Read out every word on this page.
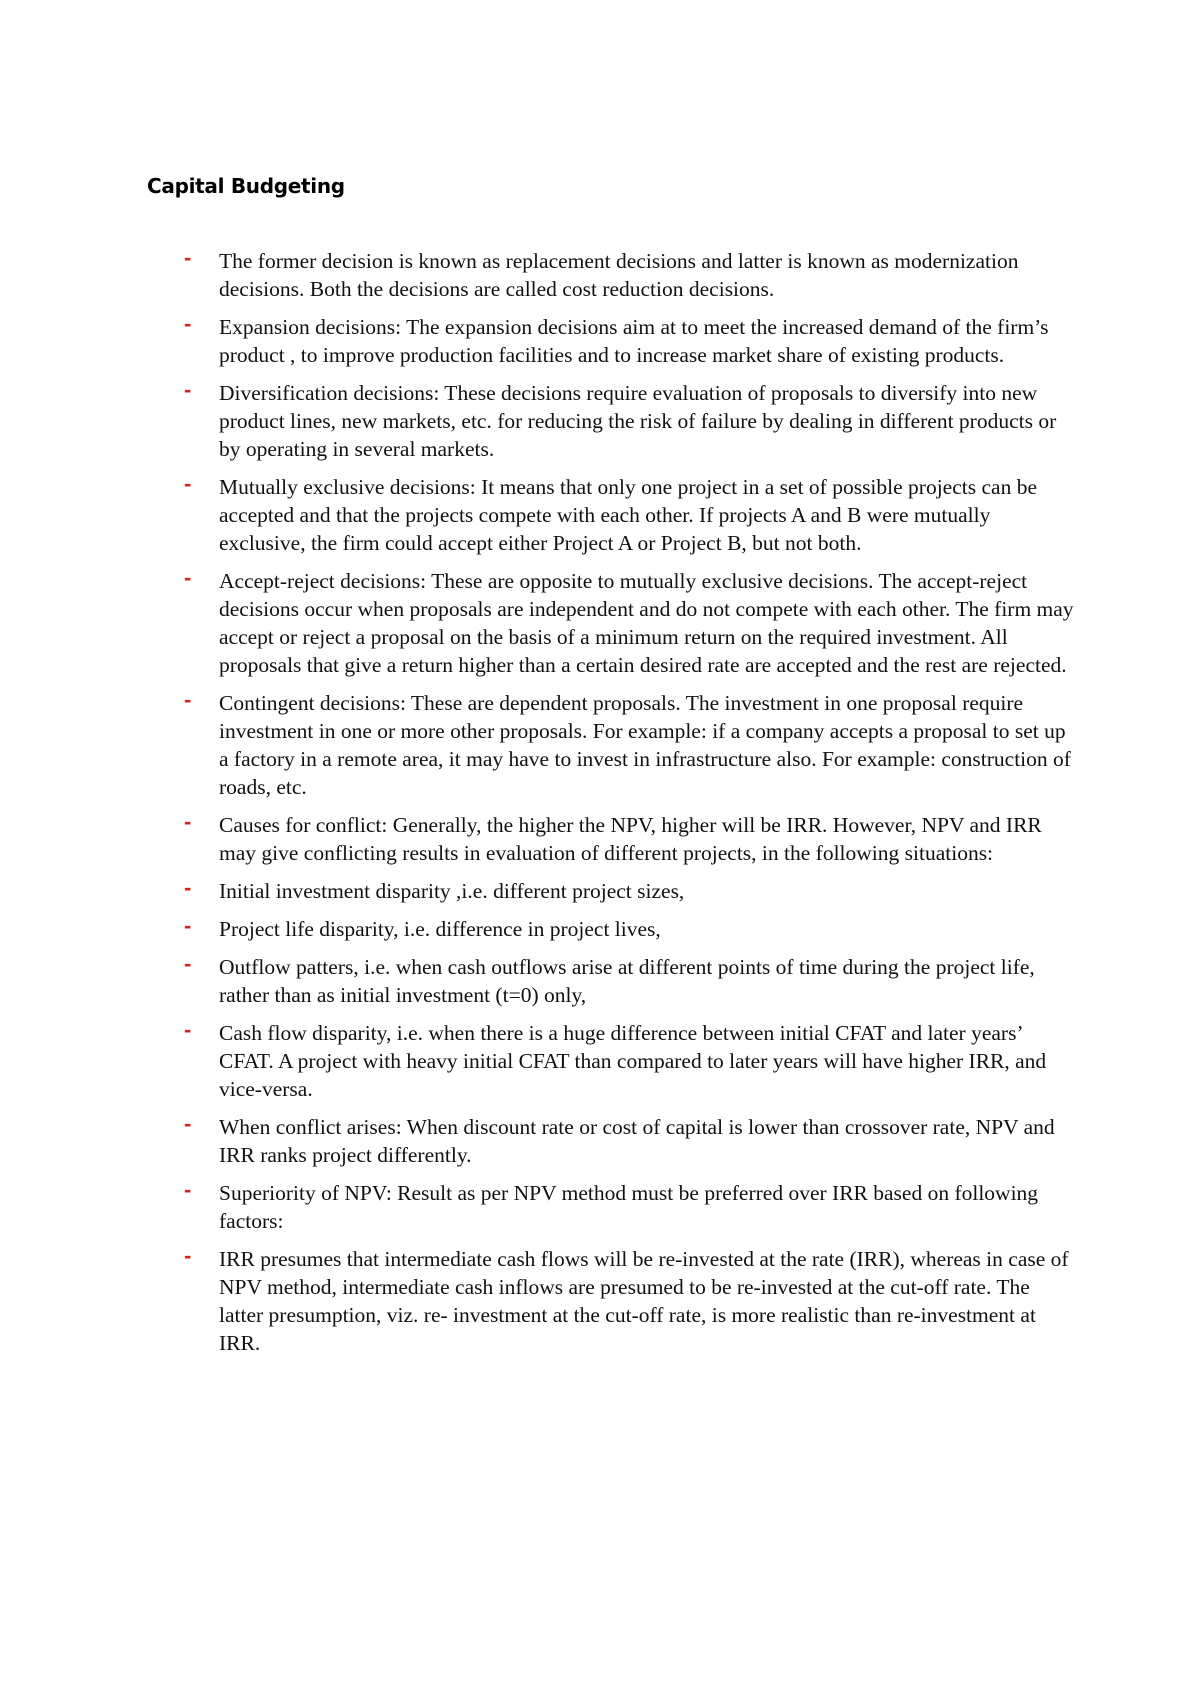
Capital Budgeting
- The former decision is known as replacement decisions and latter is known as modernization decisions. Both the decisions are called cost reduction decisions.
- Expansion decisions: The expansion decisions aim at to meet the increased demand of the firm’s product , to improve production facilities and to increase market share of existing products.
- Diversification decisions: These decisions require evaluation of proposals to diversify into new product lines, new markets, etc. for reducing the risk of failure by dealing in different products or by operating in several markets.
- Mutually exclusive decisions: It means that only one project in a set of possible projects can be accepted and that the projects compete with each other. If projects A and B were mutually exclusive, the firm could accept either Project A or Project B, but not both.
- Accept-reject decisions: These are opposite to mutually exclusive decisions. The accept-reject decisions occur when proposals are independent and do not compete with each other. The firm may accept or reject a proposal on the basis of a minimum return on the required investment. All proposals that give a return higher than a certain desired rate are accepted and the rest are rejected.
- Contingent decisions: These are dependent proposals. The investment in one proposal require investment in one or more other proposals. For example: if a company accepts a proposal to set up a factory in a remote area, it may have to invest in infrastructure also. For example: construction of roads, etc.
- Causes for conflict: Generally, the higher the NPV, higher will be IRR. However, NPV and IRR may give conflicting results in evaluation of different projects, in the following situations:
- Initial investment disparity ,i.e. different project sizes,
- Project life disparity, i.e. difference in project lives,
- Outflow patters, i.e. when cash outflows arise at different points of time during the project life, rather than as initial investment (t=0) only,
- Cash flow disparity, i.e. when there is a huge difference between initial CFAT and later years’ CFAT. A project with heavy initial CFAT than compared to later years will have higher IRR, and vice-versa.
- When conflict arises: When discount rate or cost of capital is lower than crossover rate, NPV and IRR ranks project differently.
- Superiority of NPV: Result as per NPV method must be preferred over IRR based on following factors:
- IRR presumes that intermediate cash flows will be re-invested at the rate (IRR), whereas in case of NPV method, intermediate cash inflows are presumed to be re-invested at the cut-off rate. The latter presumption, viz. re- investment at the cut-off rate, is more realistic than re-investment at IRR.
